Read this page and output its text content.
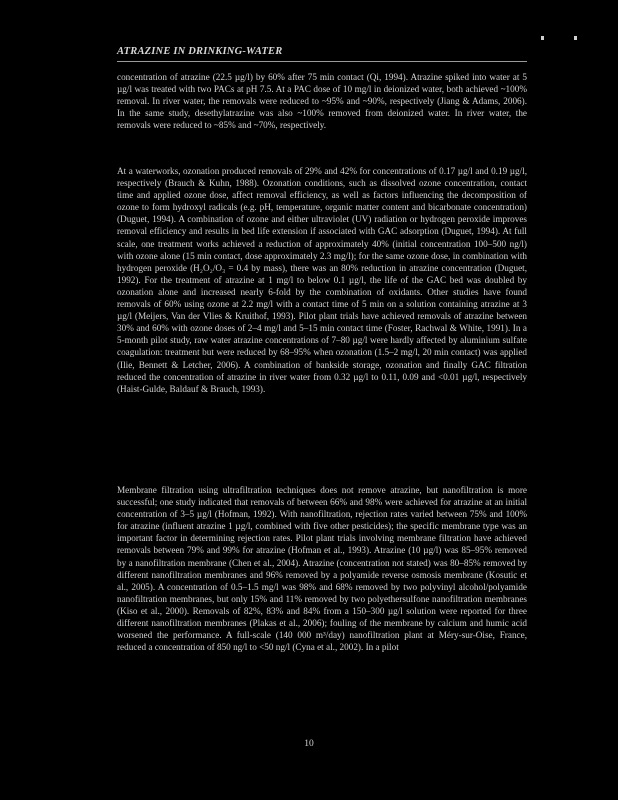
ATRAZINE IN DRINKING-WATER
concentration of atrazine (22.5 µg/l) by 60% after 75 min contact (Qi, 1994). Atrazine spiked into water at 5 µg/l was treated with two PACs at pH 7.5. At a PAC dose of 10 mg/l in deionized water, both achieved ~100% removal. In river water, the removals were reduced to ~95% and ~90%, respectively (Jiang & Adams, 2006). In the same study, desethylatrazine was also ~100% removed from deionized water. In river water, the removals were reduced to ~85% and ~70%, respectively.
At a waterworks, ozonation produced removals of 29% and 42% for concentrations of 0.17 µg/l and 0.19 µg/l, respectively (Brauch & Kuhn, 1988). Ozonation conditions, such as dissolved ozone concentration, contact time and applied ozone dose, affect removal efficiency, as well as factors influencing the decomposition of ozone to form hydroxyl radicals (e.g. pH, temperature, organic matter content and bicarbonate concentration) (Duguet, 1994). A combination of ozone and either ultraviolet (UV) radiation or hydrogen peroxide improves removal efficiency and results in bed life extension if associated with GAC adsorption (Duguet, 1994). At full scale, one treatment works achieved a reduction of approximately 40% (initial concentration 100–500 ng/l) with ozone alone (15 min contact, dose approximately 2.3 mg/l); for the same ozone dose, in combination with hydrogen peroxide (H₂O₂/O₃ = 0.4 by mass), there was an 80% reduction in atrazine concentration (Duguet, 1992). For the treatment of atrazine at 1 mg/l to below 0.1 µg/l, the life of the GAC bed was doubled by ozonation alone and increased nearly 6-fold by the combination of oxidants. Other studies have found removals of 60% using ozone at 2.2 mg/l with a contact time of 5 min on a solution containing atrazine at 3 µg/l (Meijers, Van der Vlies & Kruithof, 1993). Pilot plant trials have achieved removals of atrazine between 30% and 60% with ozone doses of 2–4 mg/l and 5–15 min contact time (Foster, Rachwal & White, 1991). In a 5-month pilot study, raw water atrazine concentrations of 7–80 µg/l were hardly affected by aluminium sulfate coagulation: treatment but were reduced by 68–95% when ozonation (1.5–2 mg/l, 20 min contact) was applied (Ilie, Bennett & Letcher, 2006). A combination of bankside storage, ozonation and finally GAC filtration reduced the concentration of atrazine in river water from 0.32 µg/l to 0.11, 0.09 and <0.01 µg/l, respectively (Haist-Gulde, Baldauf & Brauch, 1993).
Membrane filtration using ultrafiltration techniques does not remove atrazine, but nanofiltration is more successful; one study indicated that removals of between 66% and 98% were achieved for atrazine at an initial concentration of 3–5 µg/l (Hofman, 1992). With nanofiltration, rejection rates varied between 75% and 100% for atrazine (influent atrazine 1 µg/l, combined with five other pesticides); the specific membrane type was an important factor in determining rejection rates. Pilot plant trials involving membrane filtration have achieved removals between 79% and 99% for atrazine (Hofman et al., 1993). Atrazine (10 µg/l) was 85–95% removed by a nanofiltration membrane (Chen et al., 2004). Atrazine (concentration not stated) was 80–85% removed by different nanofiltration membranes and 96% removed by a polyamide reverse osmosis membrane (Kosutic et al., 2005). A concentration of 0.5–1.5 mg/l was 98% and 68% removed by two polyvinyl alcohol/polyamide nanofiltration membranes, but only 15% and 11% removed by two polyethersulfone nanofiltration membranes (Kiso et al., 2000). Removals of 82%, 83% and 84% from a 150–300 µg/l solution were reported for three different nanofiltration membranes (Plakas et al., 2006); fouling of the membrane by calcium and humic acid worsened the performance. A full-scale (140 000 m³/day) nanofiltration plant at Méry-sur-Oise, France, reduced a concentration of 850 ng/l to <50 ng/l (Cyna et al., 2002). In a pilot
10
